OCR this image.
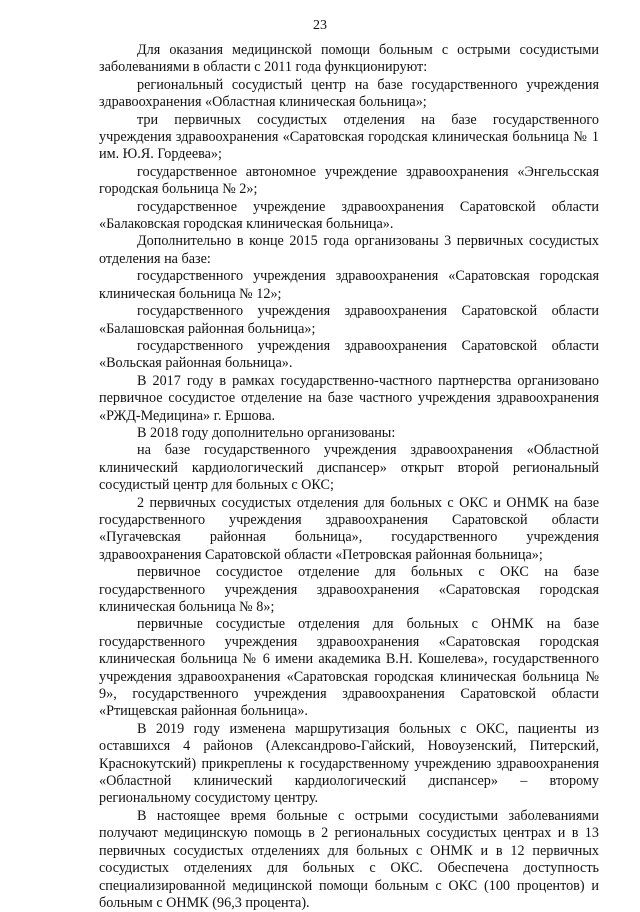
23

Для оказания медицинской помощи больным с острыми сосудистыми заболеваниями в области с 2011 года функционируют:

региональный сосудистый центр на базе государственного учреждения здравоохранения «Областная клиническая больница»;

три первичных сосудистых отделения на базе государственного учреждения здравоохранения «Саратовская городская клиническая больница № 1 им. Ю.Я. Гордеева»;

государственное автономное учреждение здравоохранения «Энгельсская городская больница № 2»;

государственное учреждение здравоохранения Саратовской области «Балаковская городская клиническая больница».

Дополнительно в конце 2015 года организованы 3 первичных сосудистых отделения на базе:

государственного учреждения здравоохранения «Саратовская городская клиническая больница № 12»;

государственного учреждения здравоохранения Саратовской области «Балашовская районная больница»;

государственного учреждения здравоохранения Саратовской области «Вольская районная больница».

В 2017 году в рамках государственно-частного партнерства организовано первичное сосудистое отделение на базе частного учреждения здравоохранения «РЖД-Медицина» г. Ершова.

В 2018 году дополнительно организованы:

на базе государственного учреждения здравоохранения «Областной клинический кардиологический диспансер» открыт второй региональный сосудистый центр для больных с ОКС;

2 первичных сосудистых отделения для больных с ОКС и ОНМК на базе государственного учреждения здравоохранения Саратовской области «Пугачевская районная больница», государственного учреждения здравоохранения Саратовской области «Петровская районная больница»;

первичное сосудистое отделение для больных с ОКС на базе государственного учреждения здравоохранения «Саратовская городская клиническая больница № 8»;

первичные сосудистые отделения для больных с ОНМК на базе государственного учреждения здравоохранения «Саратовская городская клиническая больница № 6 имени академика В.Н. Кошелева», государственного учреждения здравоохранения «Саратовская городская клиническая больница № 9», государственного учреждения здравоохранения Саратовской области «Ртищевская районная больница».

В 2019 году изменена маршрутизация больных с ОКС, пациенты из оставшихся 4 районов (Александрово-Гайский, Новоузенский, Питерский, Краснокутский) прикреплены к государственному учреждению здравоохранения «Областной клинический кардиологический диспансер» – второму региональному сосудистому центру.

В настоящее время больные с острыми сосудистыми заболеваниями получают медицинскую помощь в 2 региональных сосудистых центрах и в 13 первичных сосудистых отделениях для больных с ОНМК и в 12 первичных сосудистых отделениях для больных с ОКС. Обеспечена доступность специализированной медицинской помощи больным с ОКС (100 процентов) и больным с ОНМК (96,3 процента).
